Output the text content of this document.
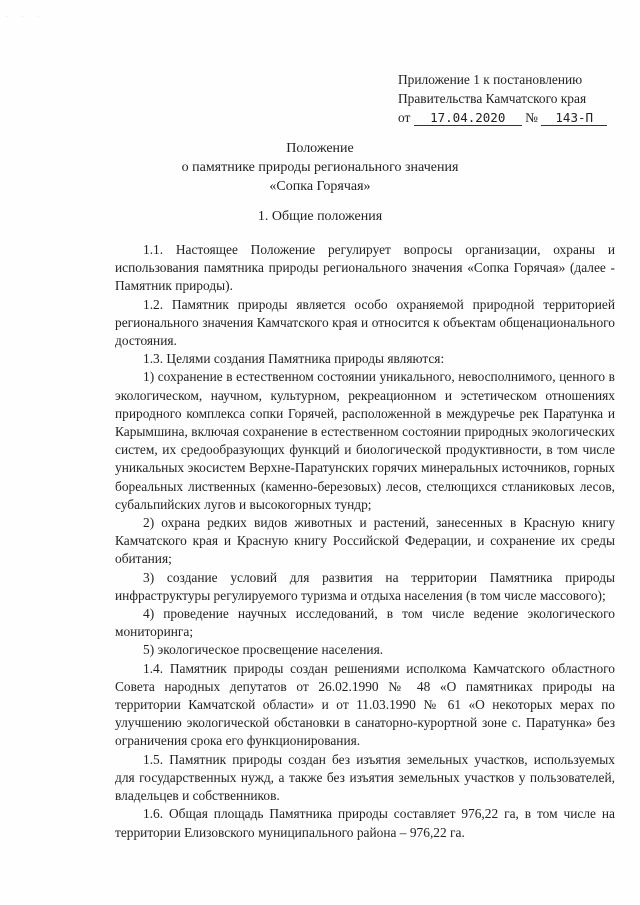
· · ·
Приложение 1 к постановлению
Правительства Камчатского края
от 17.04.2020 № 143-П
Положение
о памятнике природы регионального значения
«Сопка Горячая»
1. Общие положения

1.1. Настоящее Положение регулирует вопросы организации, охраны и использования памятника природы регионального значения «Сопка Горячая» (далее - Памятник природы).

1.2. Памятник природы является особо охраняемой природной территорией регионального значения Камчатского края и относится к объектам общенационального достояния.

1.3. Целями создания Памятника природы являются:

1) сохранение в естественном состоянии уникального, невосполнимого, ценного в экологическом, научном, культурном, рекреационном и эстетическом отношениях природного комплекса сопки Горячей, расположенной в междуречье рек Паратунка и Карымшина, включая сохранение в естественном состоянии природных экологических систем, их средообразующих функций и биологической продуктивности, в том числе уникальных экосистем Верхне-Паратунских горячих минеральных источников, горных бореальных лиственных (каменно-березовых) лесов, стелющихся стланиковых лесов, субальпийских лугов и высокогорных тундр;

2) охрана редких видов животных и растений, занесенных в Красную книгу Камчатского края и Красную книгу Российской Федерации, и сохранение их среды обитания;

3) создание условий для развития на территории Памятника природы инфраструктуры регулируемого туризма и отдыха населения (в том числе массового);

4) проведение научных исследований, в том числе ведение экологического мониторинга;

5) экологическое просвещение населения.

1.4. Памятник природы создан решениями исполкома Камчатского областного Совета народных депутатов от 26.02.1990 № 48 «О памятниках природы на территории Камчатской области» и от 11.03.1990 № 61 «О некоторых мерах по улучшению экологической обстановки в санаторно-курортной зоне с. Паратунка» без ограничения срока его функционирования.

1.5. Памятник природы создан без изъятия земельных участков, используемых для государственных нужд, а также без изъятия земельных участков у пользователей, владельцев и собственников.

1.6. Общая площадь Памятника природы составляет 976,22 га, в том числе на территории Елизовского муниципального района – 976,22 га.
